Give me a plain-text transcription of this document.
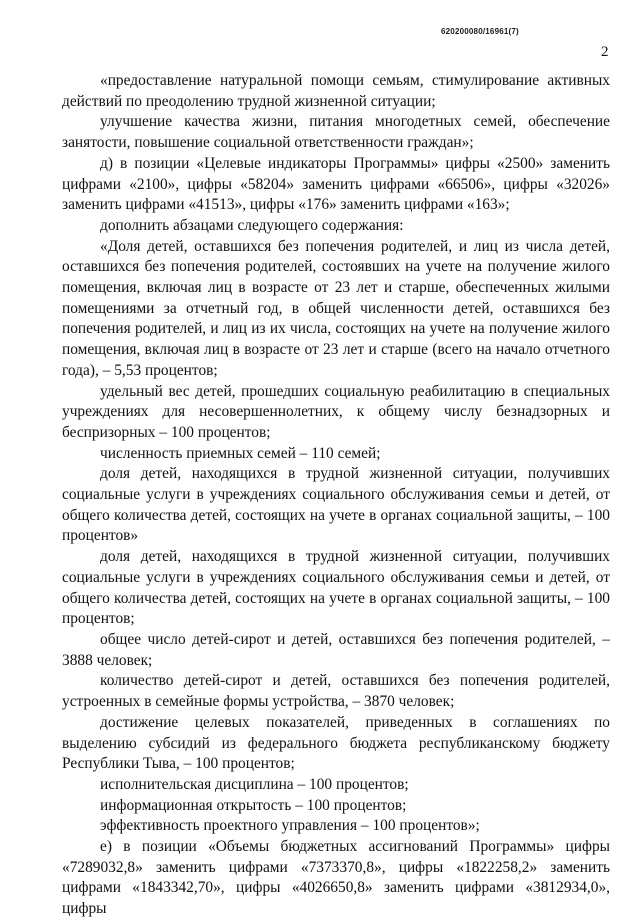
620200080/16961(7)
2

«предоставление натуральной помощи семьям, стимулирование активных действий по преодолению трудной жизненной ситуации;

улучшение качества жизни, питания многодетных семей, обеспечение занятости, повышение социальной ответственности граждан»;

д) в позиции «Целевые индикаторы Программы» цифры «2500» заменить цифрами «2100», цифры «58204» заменить цифрами «66506», цифры «32026» заменить цифрами «41513», цифры «176» заменить цифрами «163»;

дополнить абзацами следующего содержания:

«Доля детей, оставшихся без попечения родителей, и лиц из числа детей, оставшихся без попечения родителей, состоявших на учете на получение жилого помещения, включая лиц в возрасте от 23 лет и старше, обеспеченных жилыми помещениями за отчетный год, в общей численности детей, оставшихся без попечения родителей, и лиц из их числа, состоящих на учете на получение жилого помещения, включая лиц в возрасте от 23 лет и старше (всего на начало отчетного года), – 5,53 процентов;

удельный вес детей, прошедших социальную реабилитацию в специальных учреждениях для несовершеннолетних, к общему числу безнадзорных и беспризорных – 100 процентов;

численность приемных семей – 110 семей;

доля детей, находящихся в трудной жизненной ситуации, получивших социальные услуги в учреждениях социального обслуживания семьи и детей, от общего количества детей, состоящих на учете в органах социальной защиты, – 100 процентов»

доля детей, находящихся в трудной жизненной ситуации, получивших социальные услуги в учреждениях социального обслуживания семьи и детей, от общего количества детей, состоящих на учете в органах социальной защиты, – 100 процентов;

общее число детей-сирот и детей, оставшихся без попечения родителей, – 3888 человек;

количество детей-сирот и детей, оставшихся без попечения родителей, устроенных в семейные формы устройства, – 3870 человек;

достижение целевых показателей, приведенных в соглашениях по выделению субсидий из федерального бюджета республиканскому бюджету Республики Тыва, – 100 процентов;

исполнительская дисциплина – 100 процентов;

информационная открытость – 100 процентов;

эффективность проектного управления – 100 процентов»;

е) в позиции «Объемы бюджетных ассигнований Программы» цифры «7289032,8» заменить цифрами «7373370,8», цифры «1822258,2» заменить цифрами «1843342,70», цифры «4026650,8» заменить цифрами «3812934,0», цифры
